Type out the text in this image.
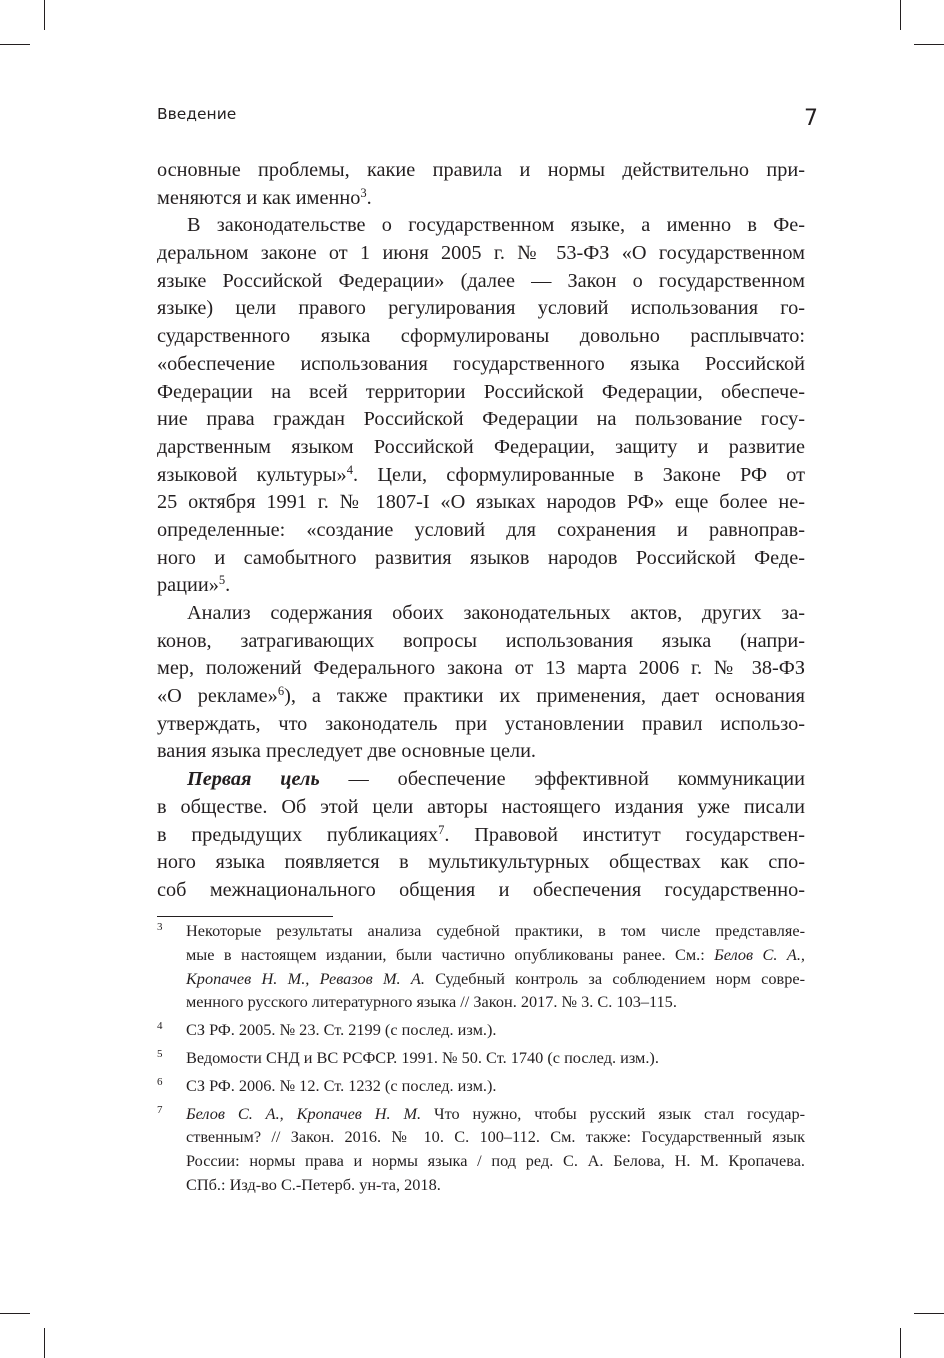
Введение	7
основные проблемы, какие правила и нормы действительно при-
меняются и как именно$^3$.
В законодательстве о государственном языке, а именно в Фе-
деральном законе от 1 июня 2005 г. № 53-ФЗ «О государственном
языке Российской Федерации» (далее — Закон о государственном
языке) цели правого регулирования условий использования го-
сударственного языка сформулированы довольно расплывчато:
«обеспечение использования государственного языка Российской
Федерации на всей территории Российской Федерации, обеспече-
ние права граждан Российской Федерации на пользование госу-
дарственным языком Российской Федерации, защиту и развитие
языковой культуры»$^4$. Цели, сформулированные в Законе РФ от
25 октября 1991 г. № 1807-I «О языках народов РФ» еще более не-
определенные: «создание условий для сохранения и равноправ-
ного и самобытного развития языков народов Российской Феде-
рации»$^5$.
Анализ содержания обоих законодательных актов, других за-
конов, затрагивающих вопросы использования языка (напри-
мер, положений Федерального закона от 13 марта 2006 г. № 38-ФЗ
«О рекламе»$^6$), а также практики их применения, дает основания
утверждать, что законодатель при установлении правил использо-
вания языка преследует две основные цели.
Первая цель — обеспечение эффективной коммуникации
в обществе. Об этой цели авторы настоящего издания уже писали
в предыдущих публикациях$^7$. Правовой институт государствен-
ного языка появляется в мультикультурных обществах как спо-
соб межнационального общения и обеспечения государственно-
3 Некоторые результаты анализа судебной практики, в том числе представляе-
мые в настоящем издании, были частично опубликованы ранее. См.: Белов С. А.,
Кропачев Н. М., Ревазов М. А. Судебный контроль за соблюдением норм совре-
менного русского литературного языка // Закон. 2017. № 3. С. 103–115.
4 СЗ РФ. 2005. № 23. Ст. 2199 (с послед. изм.).
5 Ведомости СНД и ВС РСФСР. 1991. № 50. Ст. 1740 (с послед. изм.).
6 СЗ РФ. 2006. № 12. Ст. 1232 (с послед. изм.).
7 Белов С. А., Кропачев Н. М. Что нужно, чтобы русский язык стал государ-
ственным? // Закон. 2016. № 10. С. 100–112. См. также: Государственный язык
России: нормы права и нормы языка / под ред. С. А. Белова, Н. М. Кропачева.
СПб.: Изд-во С.-Петерб. ун-та, 2018.
